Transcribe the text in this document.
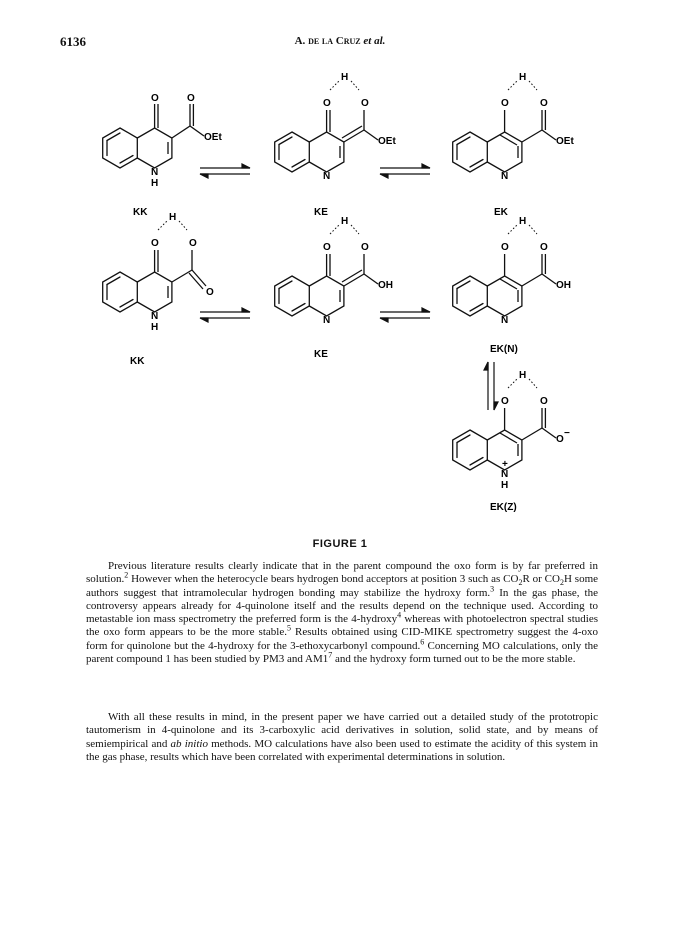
6136	A. de la Cruz et al.
O	O
OEt
N
H
KK
H
O	O
OEt
N
KE
H
O	O
OEt
N
EK
H
O	O
O
N
H
KK
H
O	O
OH
N
KE
H
O	O
OH
N
EK(N)
H
O	O
O
−
+
N
H
EK(Z)
FIGURE 1

Previous literature results clearly indicate that in the parent compound the oxo form is by far preferred in solution.$^2$ However when the heterocycle bears hydrogen bond acceptors at position 3 such as $CO_2R$ or $CO_2H$ some authors suggest that intramolecular hydrogen bonding may stabilize the hydroxy form.$^3$ In the gas phase, the controversy appears already for 4-quinolone itself and the results depend on the technique used. According to metastable ion mass spectrometry the preferred form is the 4-hydroxy$^4$ whereas with photoelectron spectral studies the oxo form appears to be the more stable.$^5$ Results obtained using CID-MIKE spectrometry suggest the 4-oxo form for quinolone but the 4-hydroxy for the 3-ethoxycarbonyl compound.$^6$ Concerning MO calculations, only the parent compound 1 has been studied by PM3 and $AM1^7$ and the hydroxy form turned out to be the more stable.

With all these results in mind, in the present paper we have carried out a detailed study of the prototropic tautomerism in 4-quinolone and its 3-carboxylic acid derivatives in solution, solid state, and by means of semiempirical and ab initio methods. MO calculations have also been used to estimate the acidity of this system in the gas phase, results which have been correlated with experimental determinations in solution.
